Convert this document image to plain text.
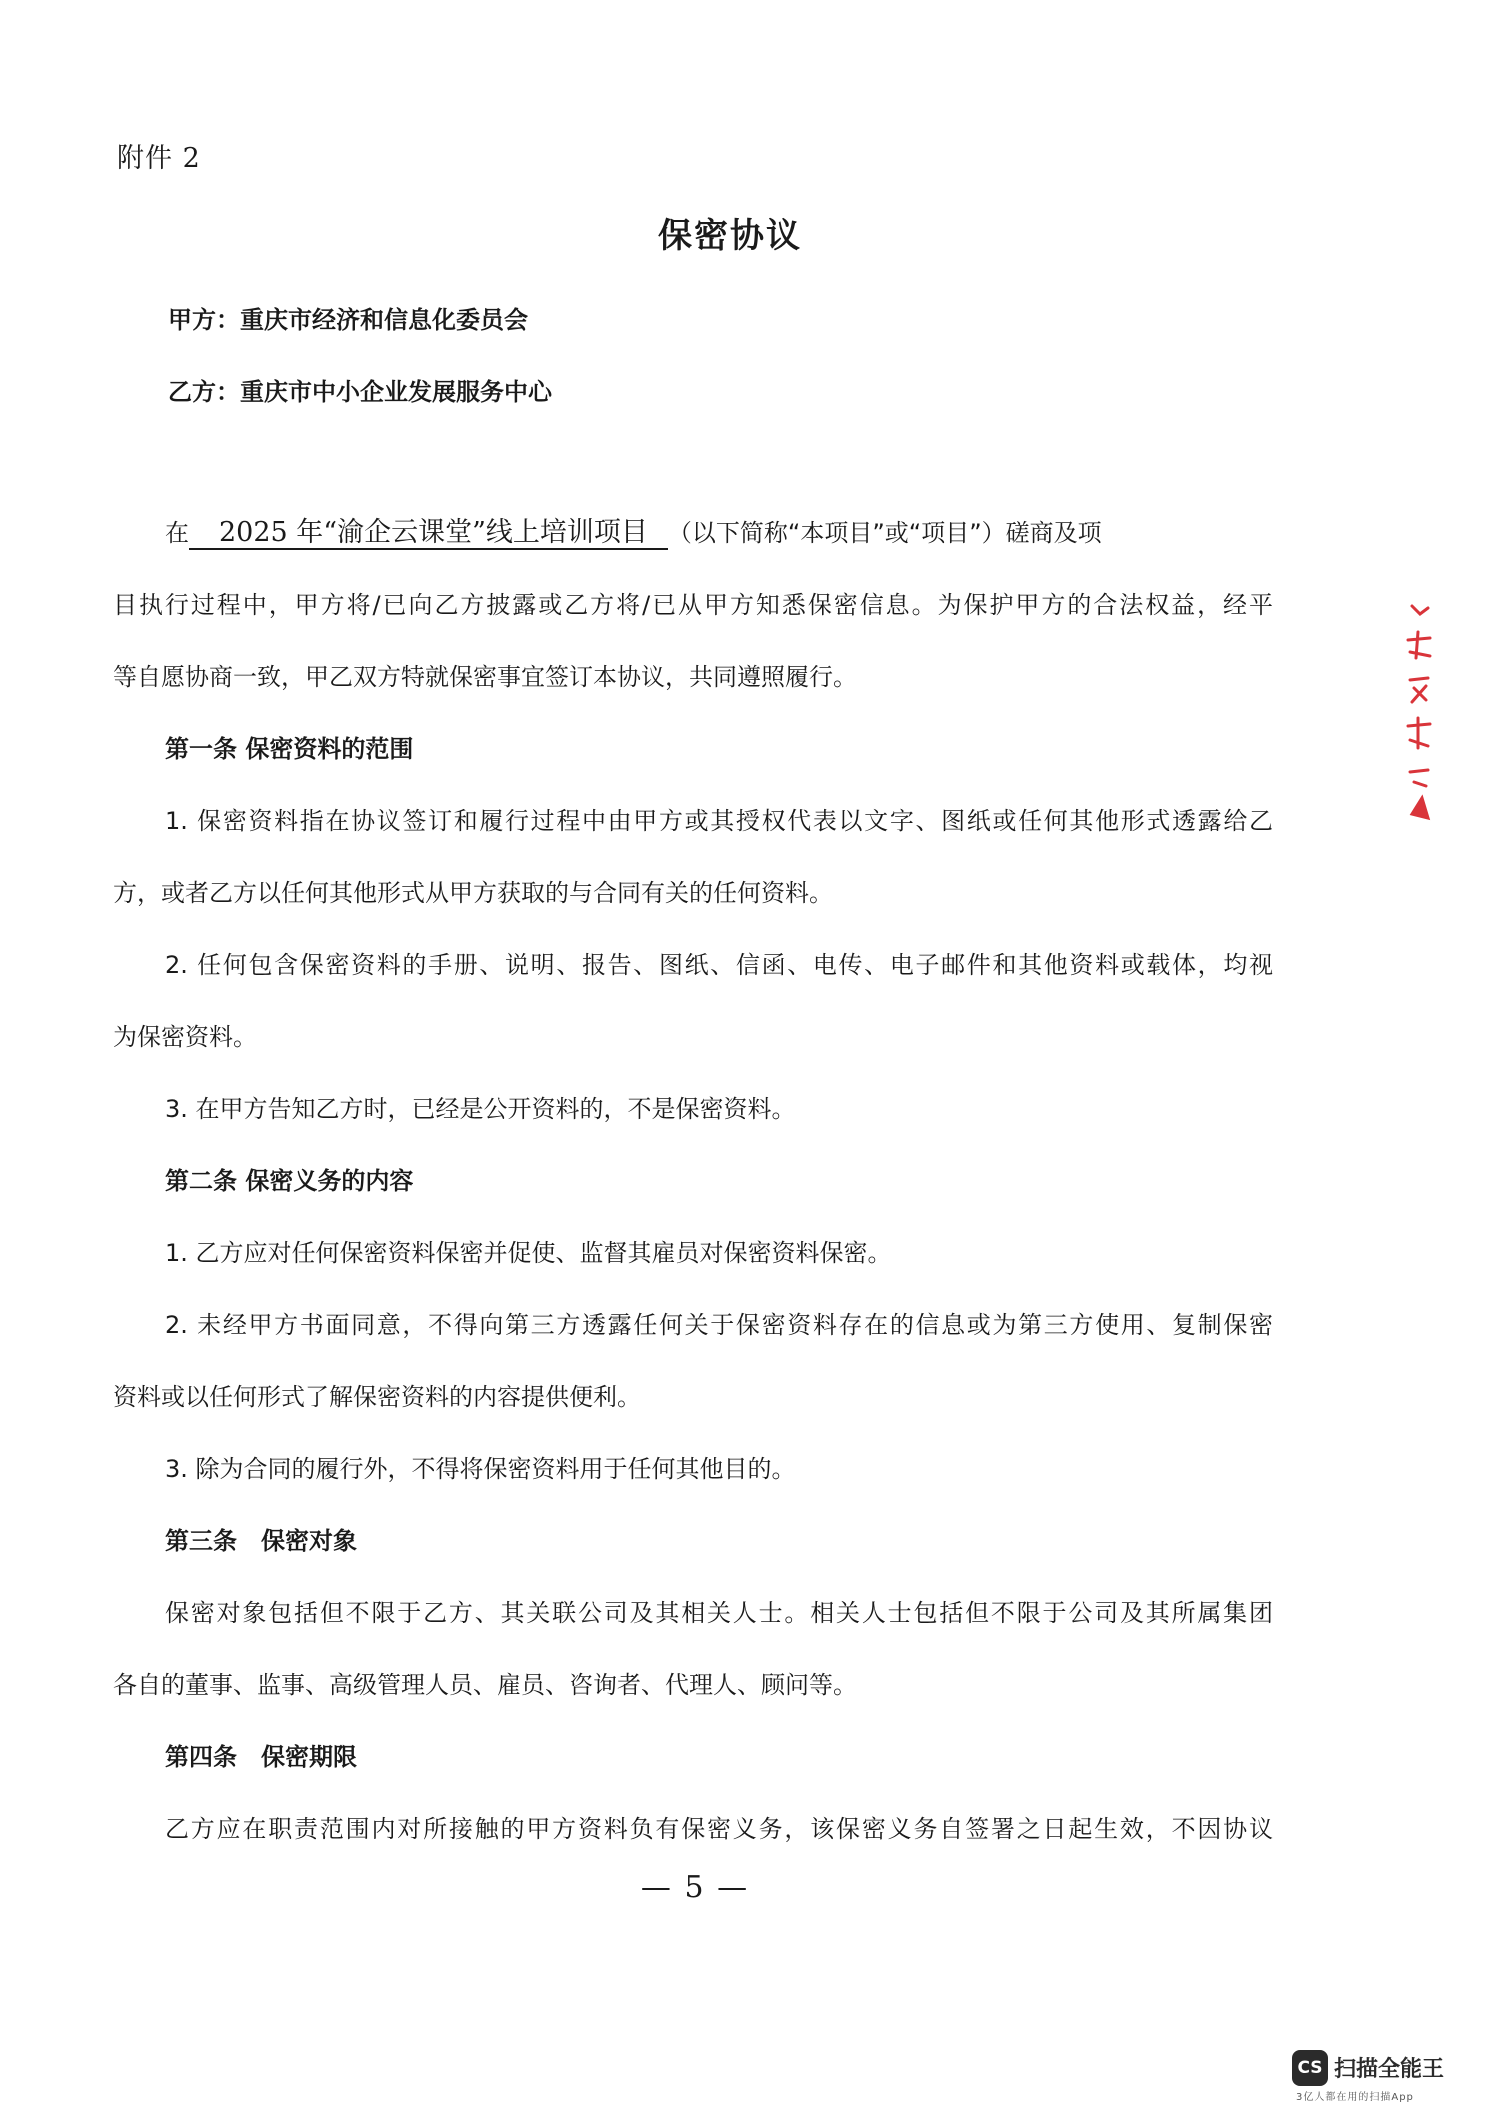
附件 2
保密协议
甲方：重庆市经济和信息化委员会
乙方：重庆市中小企业发展服务中心
在 2025 年“渝企云课堂”线上培训项目 （以下简称“本项目”或“项目”）磋商及项
目执行过程中，甲方将/已向乙方披露或乙方将/已从甲方知悉保密信息。为保护甲方的合法权益，经平
等自愿协商一致，甲乙双方特就保密事宜签订本协议，共同遵照履行。
第一条 保密资料的范围
1. 保密资料指在协议签订和履行过程中由甲方或其授权代表以文字、图纸或任何其他形式透露给乙
方，或者乙方以任何其他形式从甲方获取的与合同有关的任何资料。
2. 任何包含保密资料的手册、说明、报告、图纸、信函、电传、电子邮件和其他资料或载体，均视
为保密资料。
3. 在甲方告知乙方时，已经是公开资料的，不是保密资料。
第二条 保密义务的内容
1. 乙方应对任何保密资料保密并促使、监督其雇员对保密资料保密。
2. 未经甲方书面同意，不得向第三方透露任何关于保密资料存在的信息或为第三方使用、复制保密
资料或以任何形式了解保密资料的内容提供便利。
3. 除为合同的履行外，不得将保密资料用于任何其他目的。
第三条　保密对象
保密对象包括但不限于乙方、其关联公司及其相关人士。相关人士包括但不限于公司及其所属集团
各自的董事、监事、高级管理人员、雇员、咨询者、代理人、顾问等。
第四条　保密期限
乙方应在职责范围内对所接触的甲方资料负有保密义务，该保密义务自签署之日起生效，不因协议
— 5 —
CS 扫描全能王
3亿人都在用的扫描App
